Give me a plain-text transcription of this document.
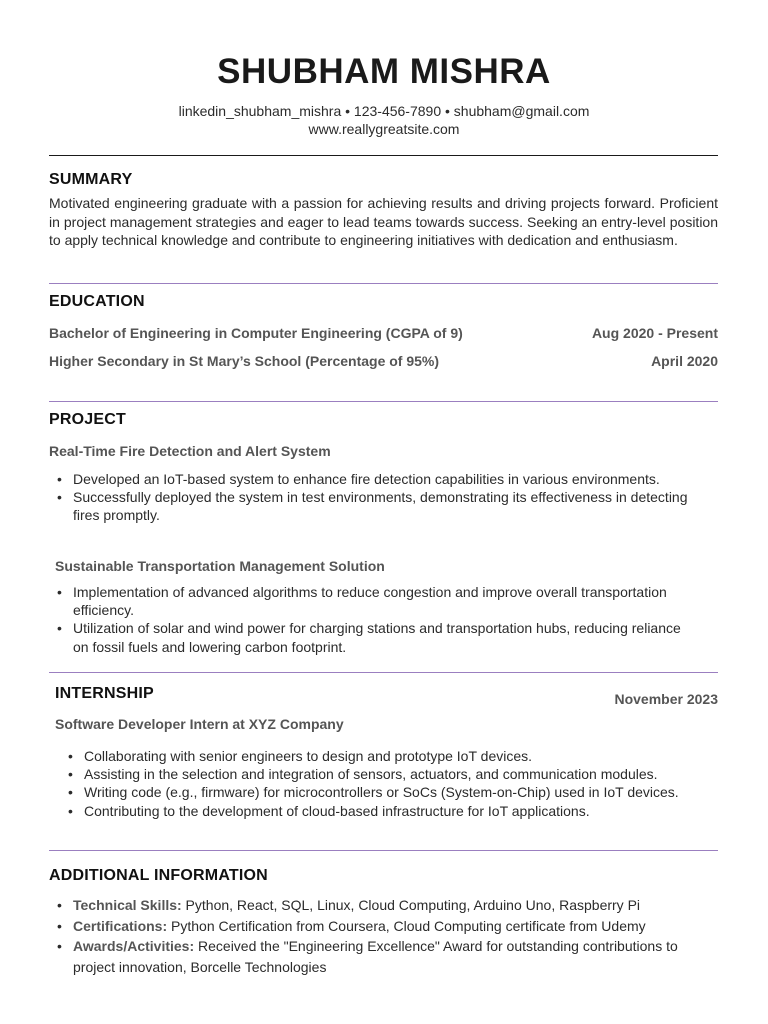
SHUBHAM MISHRA
linkedin_shubham_mishra • 123-456-7890 • shubham@gmail.com
www.reallygreatsite.com
SUMMARY
Motivated engineering graduate with a passion for achieving results and driving projects forward. Proficient in project management strategies and eager to lead teams towards success. Seeking an entry-level position to apply technical knowledge and contribute to engineering initiatives with dedication and enthusiasm.
EDUCATION
Bachelor of Engineering in Computer Engineering (CGPA of 9)	Aug 2020 - Present
Higher Secondary in St Mary’s School (Percentage of 95%)	April 2020
PROJECT
Real-Time Fire Detection and Alert System
• Developed an IoT-based system to enhance fire detection capabilities in various environments.
• Successfully deployed the system in test environments, demonstrating its effectiveness in detecting fires promptly.
Sustainable Transportation Management Solution
• Implementation of advanced algorithms to reduce congestion and improve overall transportation efficiency.
• Utilization of solar and wind power for charging stations and transportation hubs, reducing reliance on fossil fuels and lowering carbon footprint.
INTERNSHIP	November 2023
Software Developer Intern at XYZ Company
• Collaborating with senior engineers to design and prototype IoT devices.
• Assisting in the selection and integration of sensors, actuators, and communication modules.
• Writing code (e.g., firmware) for microcontrollers or SoCs (System-on-Chip) used in IoT devices.
• Contributing to the development of cloud-based infrastructure for IoT applications.
ADDITIONAL INFORMATION
• Technical Skills: Python, React, SQL, Linux, Cloud Computing, Arduino Uno, Raspberry Pi
• Certifications: Python Certification from Coursera, Cloud Computing certificate from Udemy
• Awards/Activities: Received the "Engineering Excellence" Award for outstanding contributions to project innovation, Borcelle Technologies
